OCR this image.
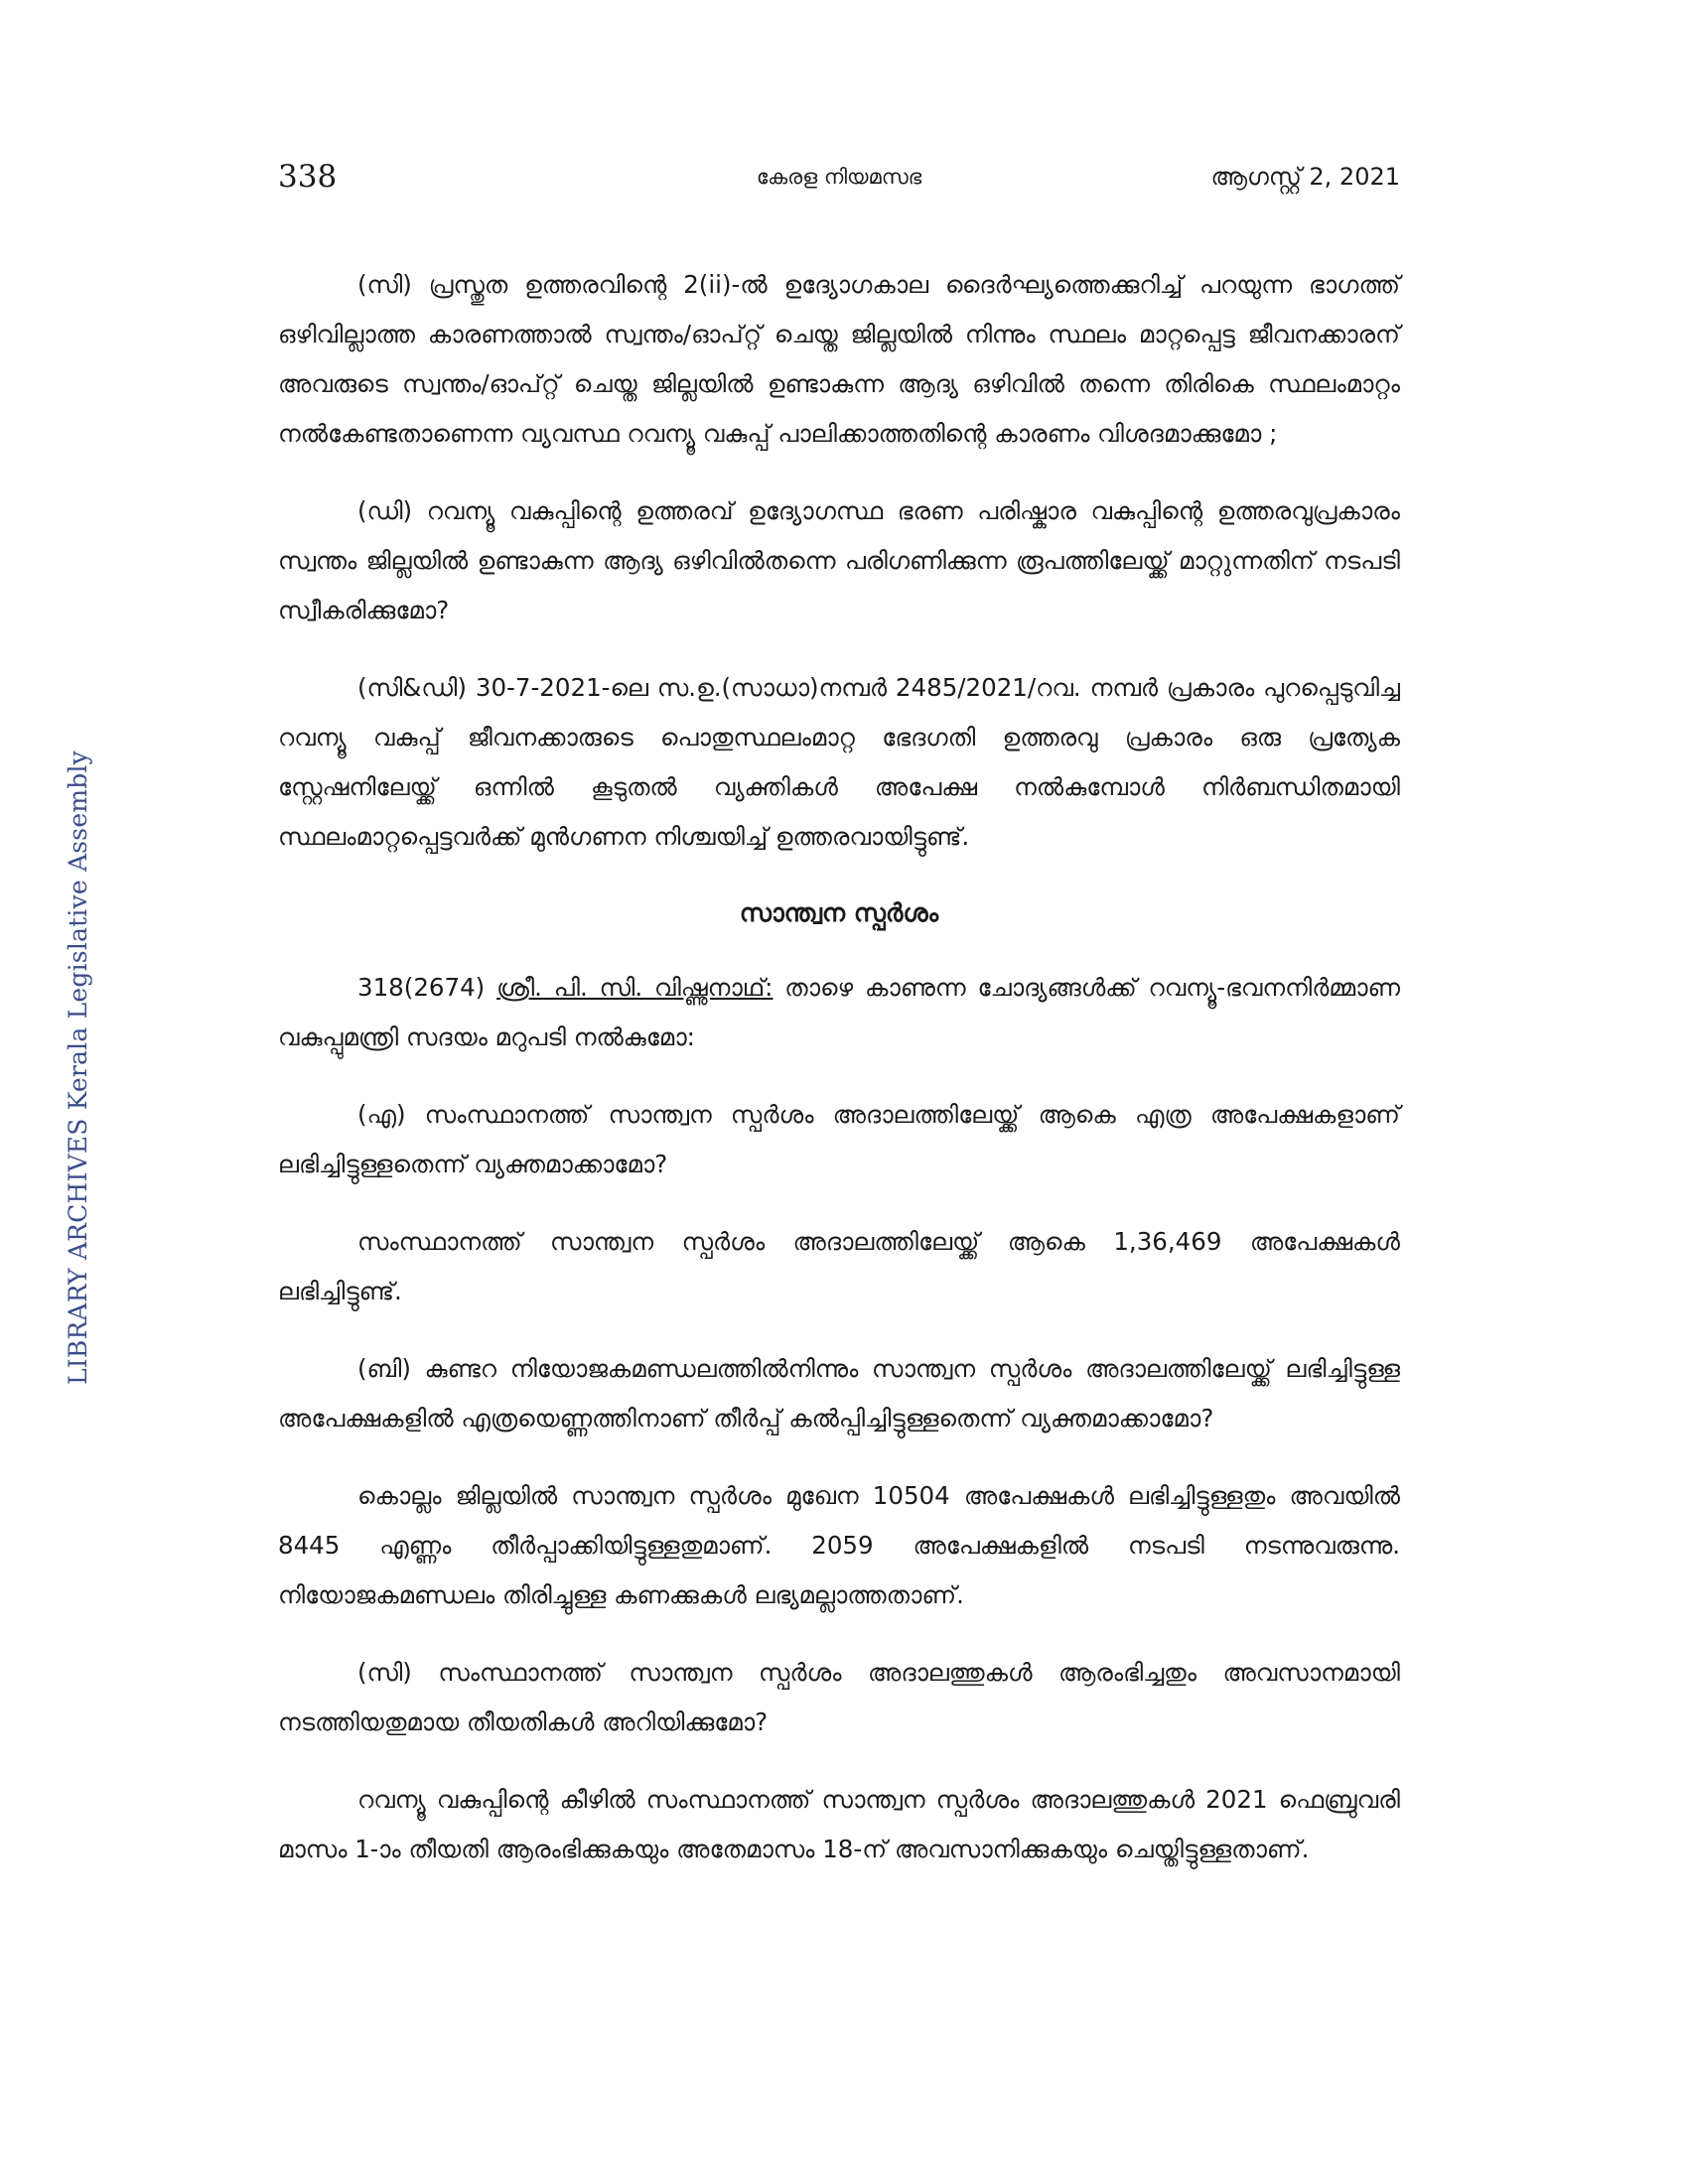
338	കേരള നിയമസഭ	ആഗസ്റ്റ് 2, 2021
LIBRARY ARCHIVES Kerala Legislative Assembly

(സി) പ്രസ്തുത ഉത്തരവിന്റെ 2(ii)-ൽ ഉദ്യോഗകാല ദൈർഘ്യത്തെക്കുറിച്ച് പറയുന്ന ഭാഗത്ത് ഒഴിവില്ലാത്ത കാരണത്താൽ സ്വന്തം/ഓപ്റ്റ് ചെയ്ത ജില്ലയിൽ നിന്നും സ്ഥലം മാറ്റപ്പെട്ട ജീവനക്കാരന് അവരുടെ സ്വന്തം/ഓപ്റ്റ് ചെയ്ത ജില്ലയിൽ ഉണ്ടാകുന്ന ആദ്യ ഒഴിവിൽ തന്നെ തിരികെ സ്ഥലംമാറ്റം നൽകേണ്ടതാണെന്ന വ്യവസ്ഥ റവന്യൂ വകുപ്പ് പാലിക്കാത്തതിന്റെ കാരണം വിശദമാക്കുമോ ;

(ഡി) റവന്യൂ വകുപ്പിന്റെ ഉത്തരവ് ഉദ്യോഗസ്ഥ ഭരണ പരിഷ്കാര വകുപ്പിന്റെ ഉത്തരവുപ്രകാരം സ്വന്തം ജില്ലയിൽ ഉണ്ടാകുന്ന ആദ്യ ഒഴിവിൽതന്നെ പരിഗണിക്കുന്ന രൂപത്തിലേയ്ക്ക് മാറ്റുന്നതിന് നടപടി സ്വീകരിക്കുമോ?

(സി&ഡി) 30-7-2021-ലെ സ.ഉ.(സാധാ)നമ്പർ 2485/2021/റവ. നമ്പർ പ്രകാരം പുറപ്പെടുവിച്ച റവന്യൂ വകുപ്പ് ജീവനക്കാരുടെ പൊതുസ്ഥലംമാറ്റ ഭേദഗതി ഉത്തരവു പ്രകാരം ഒരു പ്രത്യേക സ്റ്റേഷനിലേയ്ക്ക് ഒന്നിൽ കൂടുതൽ വ്യക്തികൾ അപേക്ഷ നൽകുമ്പോൾ നിർബന്ധിതമായി സ്ഥലംമാറ്റപ്പെട്ടവർക്ക് മുൻഗണന നിശ്ചയിച്ച് ഉത്തരവായിട്ടുണ്ട്.

സാന്ത്വന സ്പർശം

318(2674) ശ്രീ. പി. സി. വിഷ്ണുനാഥ്: താഴെ കാണുന്ന ചോദ്യങ്ങൾക്ക് റവന്യൂ-ഭവനനിർമ്മാണ വകുപ്പുമന്ത്രി സദയം മറുപടി നൽകുമോ:

(എ) സംസ്ഥാനത്ത് സാന്ത്വന സ്പർശം അദാലത്തിലേയ്ക്ക് ആകെ എത്ര അപേക്ഷകളാണ് ലഭിച്ചിട്ടുള്ളതെന്ന് വ്യക്തമാക്കാമോ?

സംസ്ഥാനത്ത് സാന്ത്വന സ്പർശം അദാലത്തിലേയ്ക്ക് ആകെ 1,36,469 അപേക്ഷകൾ ലഭിച്ചിട്ടുണ്ട്.

(ബി) കുണ്ടറ നിയോജകമണ്ഡലത്തിൽനിന്നും സാന്ത്വന സ്പർശം അദാലത്തിലേയ്ക്ക് ലഭിച്ചിട്ടുള്ള അപേക്ഷകളിൽ എത്രയെണ്ണത്തിനാണ് തീർപ്പ് കൽപ്പിച്ചിട്ടുള്ളതെന്ന് വ്യക്തമാക്കാമോ?

കൊല്ലം ജില്ലയിൽ സാന്ത്വന സ്പർശം മുഖേന 10504 അപേക്ഷകൾ ലഭിച്ചിട്ടുള്ളതും അവയിൽ 8445 എണ്ണം തീർപ്പാക്കിയിട്ടുള്ളതുമാണ്. 2059 അപേക്ഷകളിൽ നടപടി നടന്നുവരുന്നു. നിയോജകമണ്ഡലം തിരിച്ചുള്ള കണക്കുകൾ ലഭ്യമല്ലാത്തതാണ്.

(സി) സംസ്ഥാനത്ത് സാന്ത്വന സ്പർശം അദാലത്തുകൾ ആരംഭിച്ചതും അവസാനമായി നടത്തിയതുമായ തീയതികൾ അറിയിക്കുമോ?

റവന്യൂ വകുപ്പിന്റെ കീഴിൽ സംസ്ഥാനത്ത് സാന്ത്വന സ്പർശം അദാലത്തുകൾ 2021 ഫെബ്രുവരി മാസം 1-ാം തീയതി ആരംഭിക്കുകയും അതേമാസം 18-ന് അവസാനിക്കുകയും ചെയ്തിട്ടുള്ളതാണ്.
